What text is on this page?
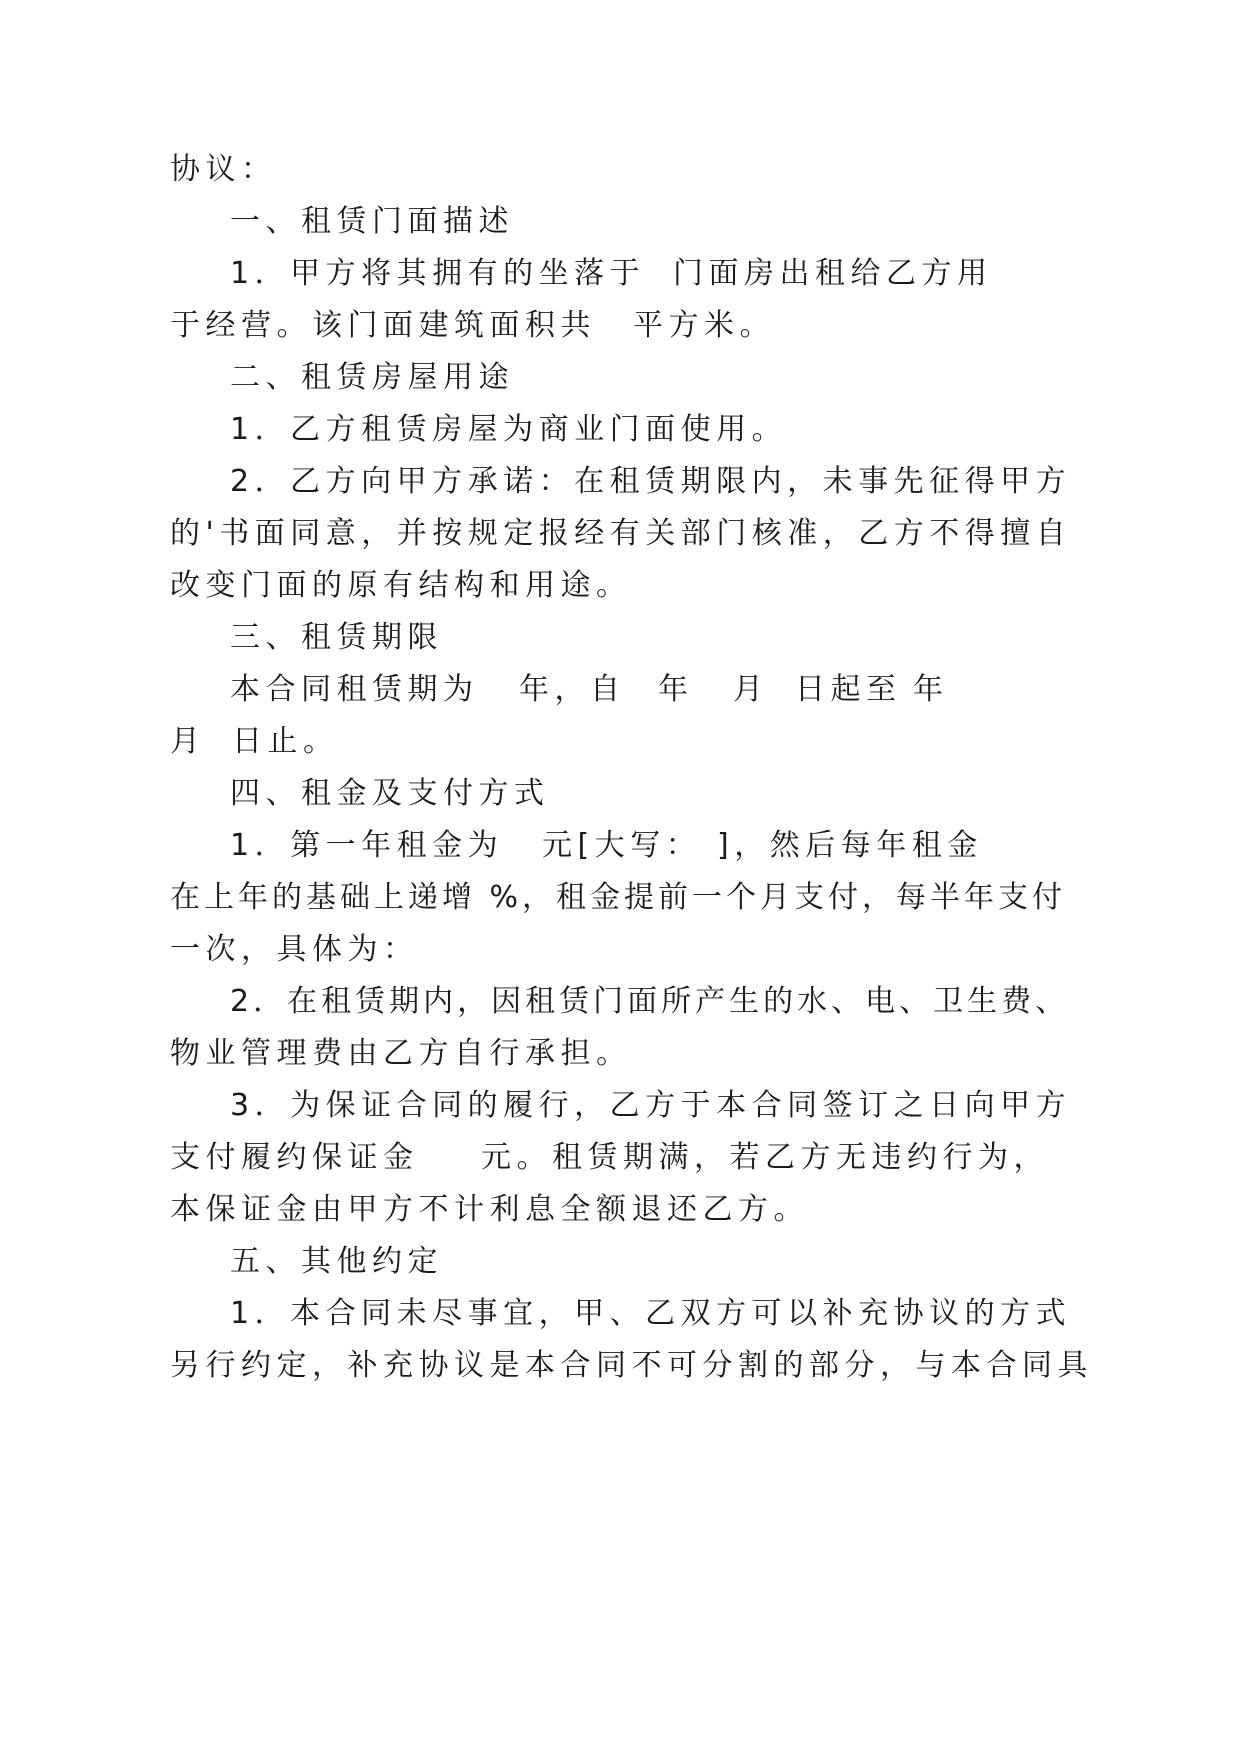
协议：

一、租赁门面描述

1．甲方将其拥有的坐落于

门面房出租给乙方用

于经营。该门面建筑面积共

平方米。

二、租赁房屋用途

1．乙方租赁房屋为商业门面使用。

2．乙方向甲方承诺：在租赁期限内，未事先征得甲方

的'书面同意，并按规定报经有关部门核准，乙方不得擅自

改变门面的原有结构和用途。

三、租赁期限

本合同租赁期为

年，自

年

月

日起至

年

月

日止。

四、租金及支付方式

1．第一年租金为

元[大写：

]，然后每年租金

在上年的基础上递增 %，租金提前一个月支付，每半年支付

一次，具体为：

2．在租赁期内，因租赁门面所产生的水、电、卫生费、

物业管理费由乙方自行承担。

3．为保证合同的履行，乙方于本合同签订之日向甲方

支付履约保证金

元。租赁期满，若乙方无违约行为，

本保证金由甲方不计利息全额退还乙方。

五、其他约定

1．本合同未尽事宜，甲、乙双方可以补充协议的方式

另行约定，补充协议是本合同不可分割的部分，与本合同具
